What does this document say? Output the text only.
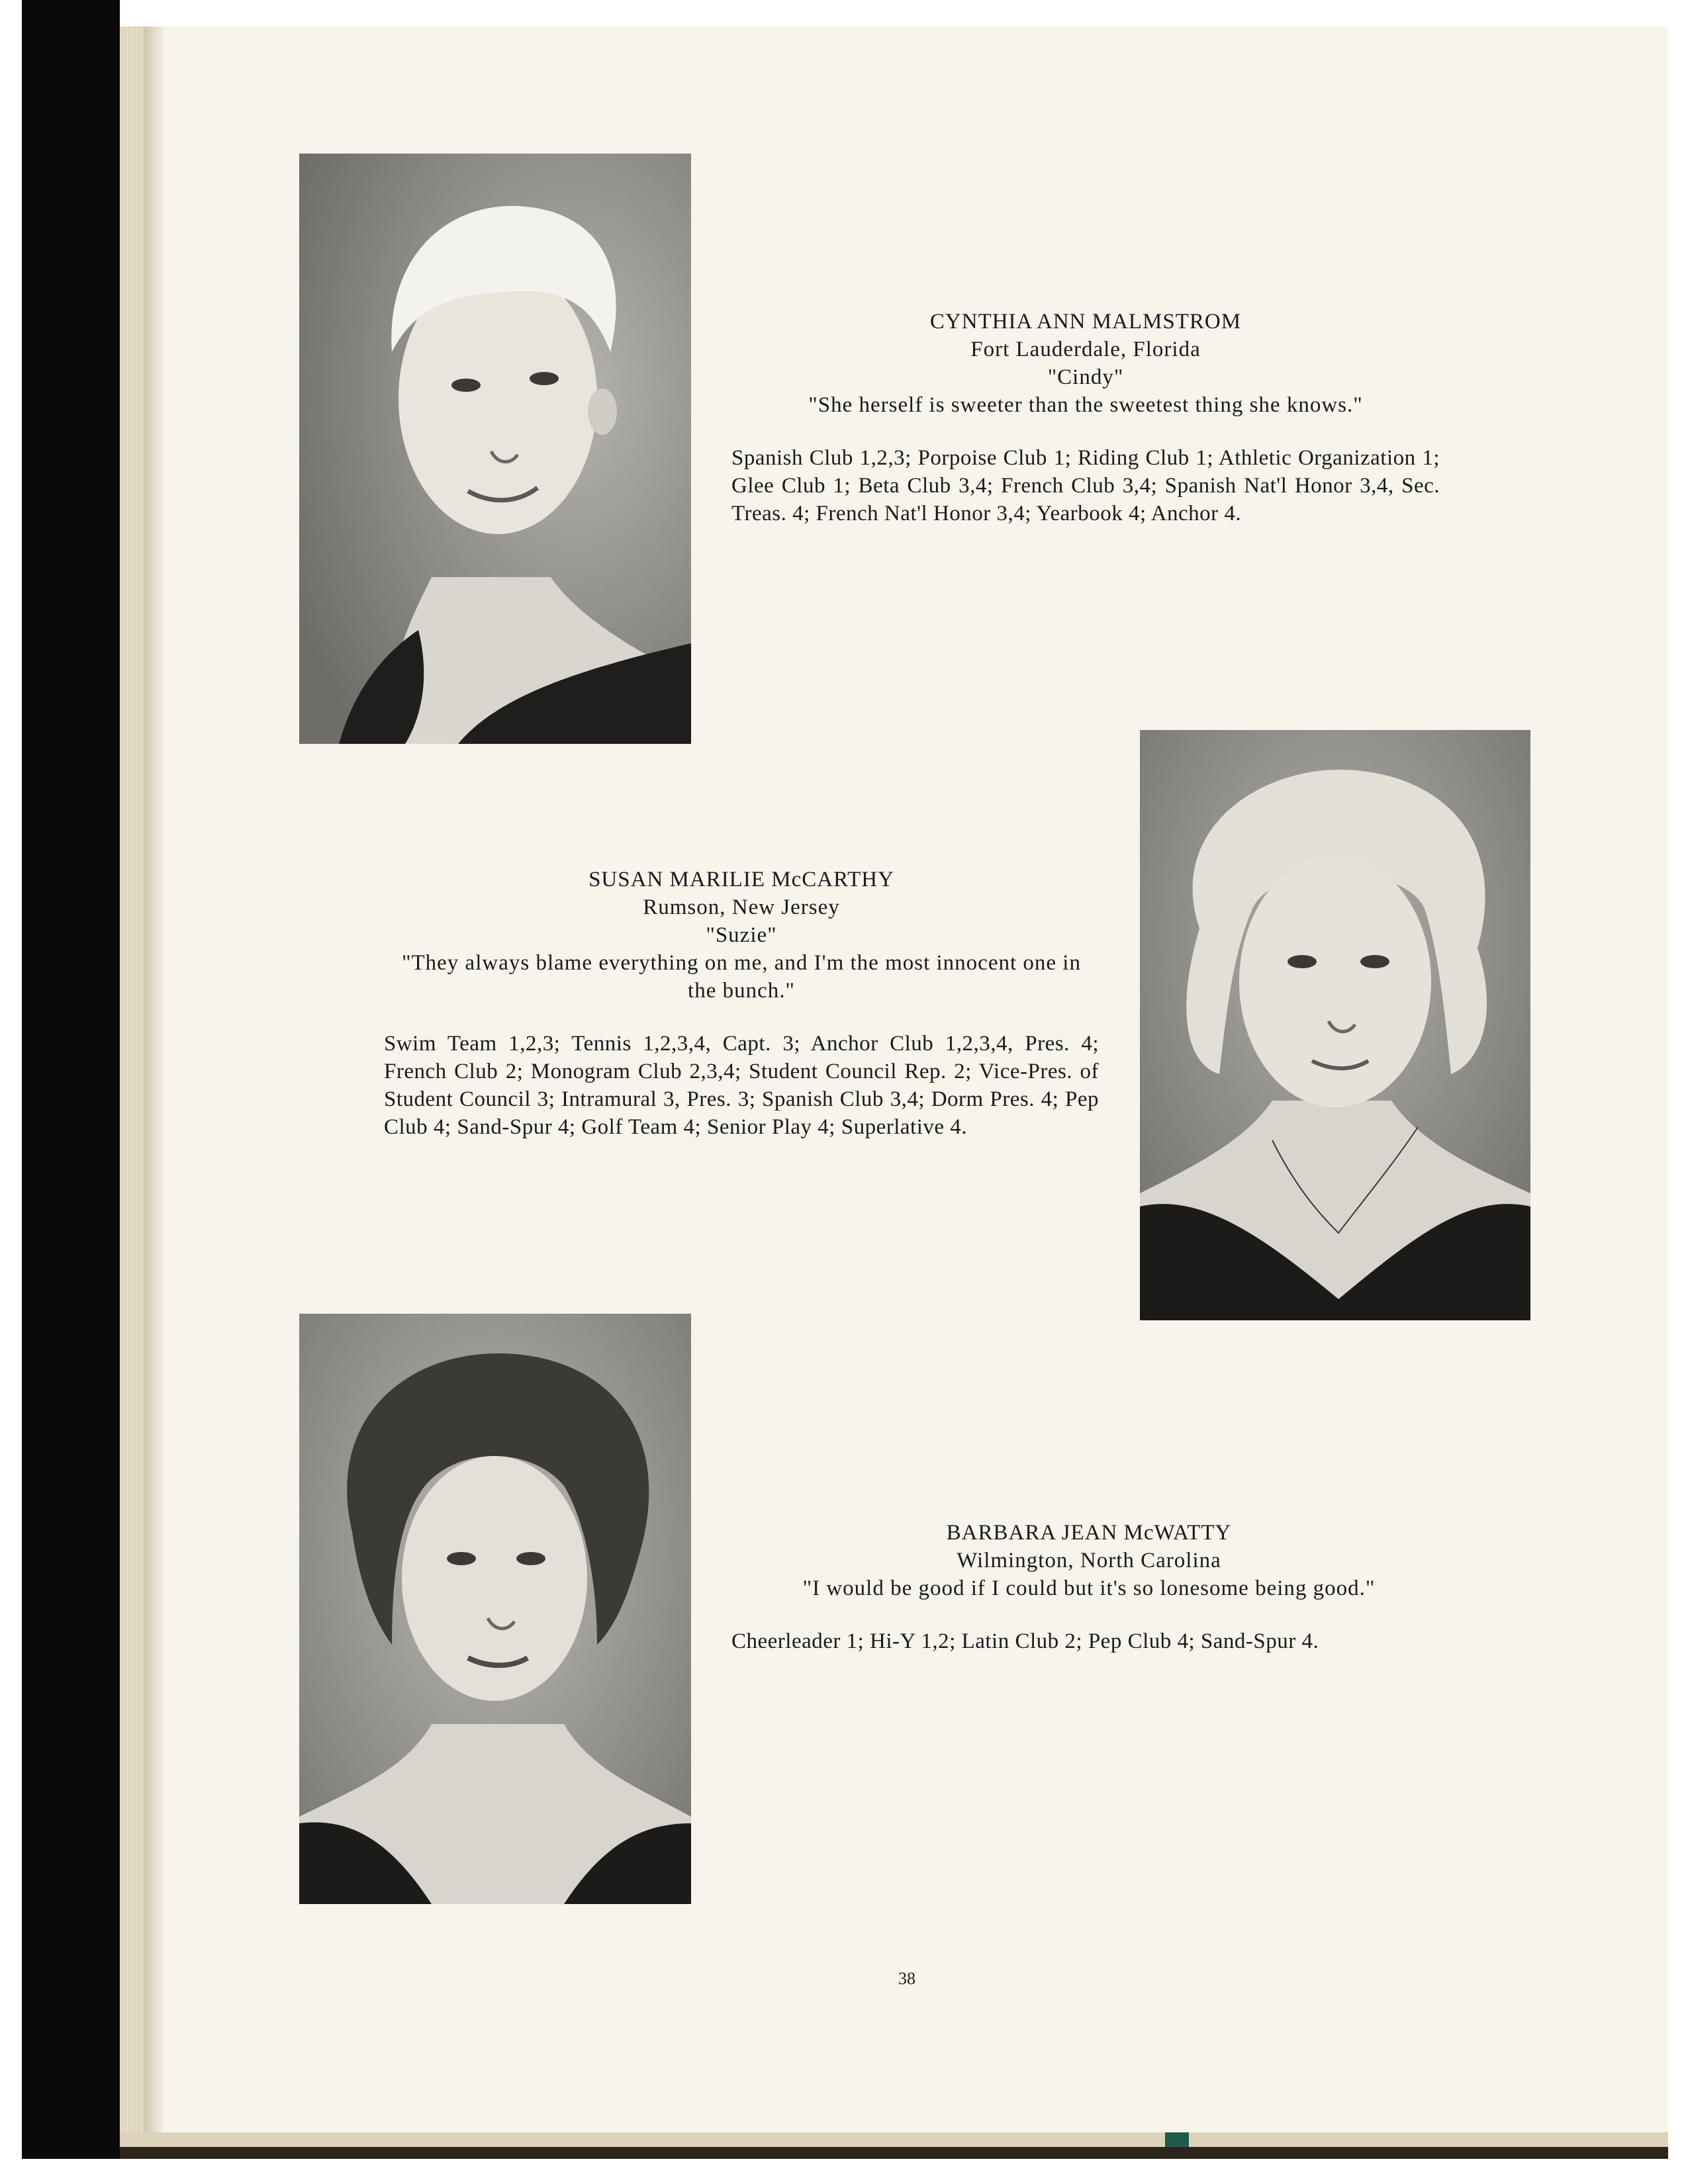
CYNTHIA ANN MALMSTROM
Fort Lauderdale, Florida
"Cindy"
"She herself is sweeter than the sweetest thing she knows."
Spanish Club 1,2,3; Porpoise Club 1; Riding Club 1; Athletic Organization 1; Glee Club 1; Beta Club 3,4; French Club 3,4; Spanish Nat'l Honor 3,4, Sec. Treas. 4; French Nat'l Honor 3,4; Yearbook 4; Anchor 4.
SUSAN MARILIE McCARTHY
Rumson, New Jersey
"Suzie"
"They always blame everything on me, and I'm the most innocent one in the bunch."
Swim Team 1,2,3; Tennis 1,2,3,4, Capt. 3; Anchor Club 1,2,3,4, Pres. 4; French Club 2; Monogram Club 2,3,4; Student Council Rep. 2; Vice-Pres. of Student Council 3; Intramural 3, Pres. 3; Spanish Club 3,4; Dorm Pres. 4; Pep Club 4; Sand-Spur 4; Golf Team 4; Senior Play 4; Superlative 4.
BARBARA JEAN McWATTY
Wilmington, North Carolina
"I would be good if I could but it's so lonesome being good."
Cheerleader 1; Hi-Y 1,2; Latin Club 2; Pep Club 4; Sand-Spur 4.
38
